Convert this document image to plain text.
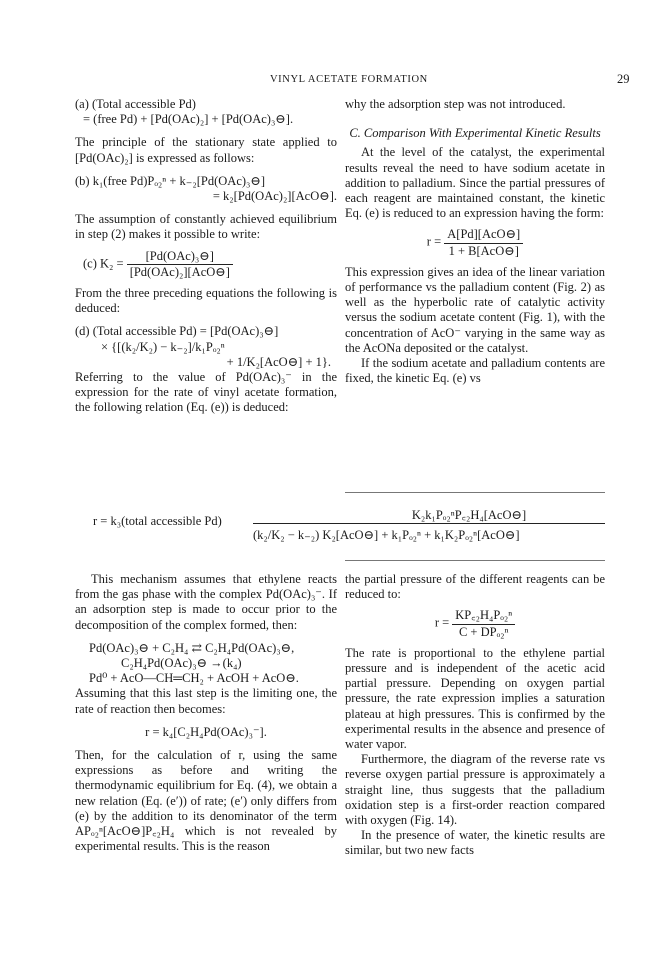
VINYL ACETATE FORMATION	29

(a) (Total accessible Pd)

= (free Pd) + [Pd(OAc)₂] + [Pd(OAc)₃⊖].

The principle of the stationary state applied to [Pd(OAc)₂] is expressed as follows:

(b) k₁(free Pd)Pₒ₂ⁿ + k₋₂[Pd(OAc)₃⊖]

= k₂[Pd(OAc)₂][AcO⊖].

The assumption of constantly achieved equilibrium in step (2) makes it possible to write:

(c) $K_2 = \frac{\text{[Pd(OAc)₃⊖]}}{\text{[Pd(OAc)₂][AcO⊖]}}$

From the three preceding equations the following is deduced:

(d) (Total accessible Pd) = [Pd(OAc)₃⊖]

× {[(k₂/K₂) − k₋₂]/k₁Pₒ₂ⁿ

+ 1/K₂[AcO⊖] + 1}.

Referring to the value of Pd(OAc)₃⁻ in the expression for the rate of vinyl acetate formation, the following relation (Eq. (e)) is deduced:

why the adsorption step was not introduced.

C. Comparison With Experimental Kinetic Results

At the level of the catalyst, the experimental results reveal the need to have sodium acetate in addition to palladium. Since the partial pressures of each reagent are maintained constant, the kinetic Eq. (e) is reduced to an expression having the form:

$r = \frac{\text{A[Pd][AcO⊖]}}{\text{1 + B[AcO⊖]}}$

This expression gives an idea of the linear variation of performance vs the palladium content (Fig. 2) as well as the hyperbolic rate of catalytic activity versus the sodium acetate content (Fig. 1), with the concentration of AcO⁻ varying in the same way as the AcONa deposited or the catalyst.

If the sodium acetate and palladium contents are fixed, the kinetic Eq. (e) vs

r = k₃(total accessible Pd)	K₂k₁Pₒ₂ⁿP꜀₂H₄[AcO⊖]
(k₂/K₂ − k₋₂) K₂[AcO⊖] + k₁Pₒ₂ⁿ + k₁K₂Pₒ₂ⁿ[AcO⊖]

This mechanism assumes that ethylene reacts from the gas phase with the complex Pd(OAc)₃⁻. If an adsorption step is made to occur prior to the decomposition of the complex formed, then:

Pd(OAc)₃⊖ + C₂H₄ ⇄ C₂H₄Pd(OAc)₃⊖,

C₂H₄Pd(OAc)₃⊖ →(k₄)

Pd⁰ + AcO—CH═CH₂ + AcOH + AcO⊖.

Assuming that this last step is the limiting one, the rate of reaction then becomes:

r = k₄[C₂H₄Pd(OAc)₃⁻].

Then, for the calculation of r, using the same expressions as before and writing the thermodynamic equilibrium for Eq. (4), we obtain a new relation (Eq. (e′)) of rate; (e′) only differs from (e) by the addition to its denominator of the term APₒ₂ⁿ[AcO⊖]P꜀₂H₄ which is not revealed by experimental results. This is the reason

the partial pressure of the different reagents can be reduced to:

$r = \frac{\text{KP꜀₂H₄Pₒ₂ⁿ}}{\text{C + DPₒ₂ⁿ}}$

The rate is proportional to the ethylene partial pressure and is independent of the acetic acid partial pressure. Depending on oxygen partial pressure, the rate expression implies a saturation plateau at high pressures. This is confirmed by the experimental results in the absence and presence of water vapor.

Furthermore, the diagram of the reverse rate vs reverse oxygen partial pressure is approximately a straight line, thus suggests that the palladium oxidation step is a first-order reaction compared with oxygen (Fig. 14).

In the presence of water, the kinetic results are similar, but two new facts
